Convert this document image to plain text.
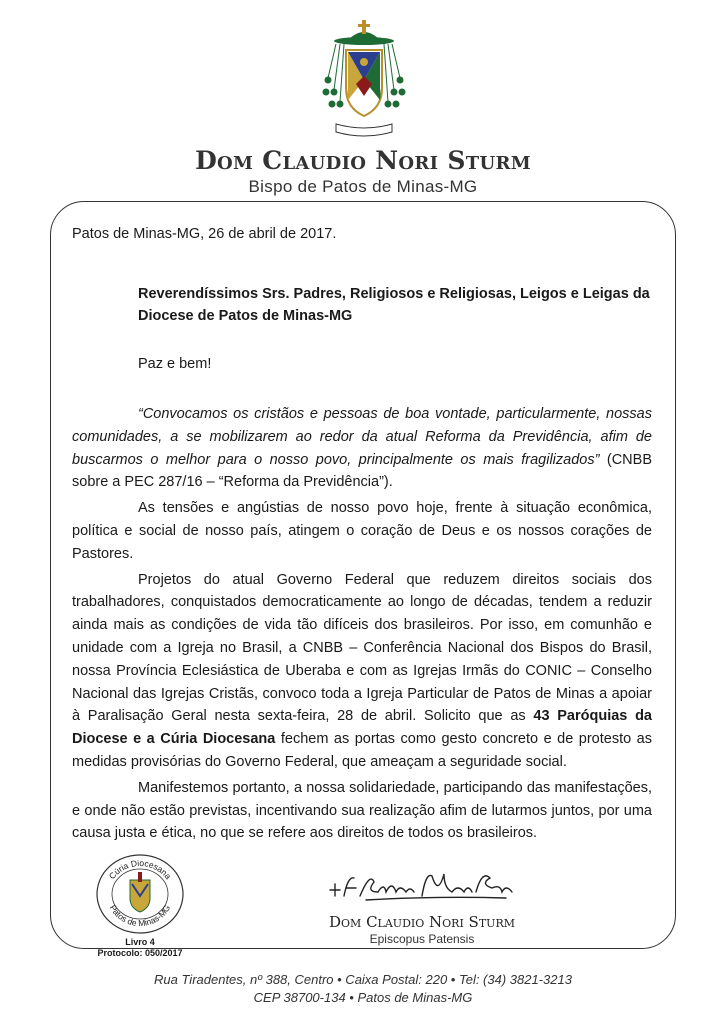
Dom Claudio Nori Sturm
Bispo de Patos de Minas-MG
Patos de Minas-MG, 26 de abril de 2017.
Reverendíssimos Srs. Padres, Religiosos e Religiosas, Leigos e Leigas da Diocese de Patos de Minas-MG
Paz e bem!

“Convocamos os cristãos e pessoas de boa vontade, particularmente, nossas comunidades, a se mobilizarem ao redor da atual Reforma da Previdência, afim de buscarmos o melhor para o nosso povo, principalmente os mais fragilizados” (CNBB sobre a PEC 287/16 – “Reforma da Previdência”).

As tensões e angústias de nosso povo hoje, frente à situação econômica, política e social de nosso país, atingem o coração de Deus e os nossos corações de Pastores.

Projetos do atual Governo Federal que reduzem direitos sociais dos trabalhadores, conquistados democraticamente ao longo de décadas, tendem a reduzir ainda mais as condições de vida tão difíceis dos brasileiros. Por isso, em comunhão e unidade com a Igreja no Brasil, a CNBB – Conferência Nacional dos Bispos do Brasil, nossa Província Eclesiástica de Uberaba e com as Igrejas Irmãs do CONIC – Conselho Nacional das Igrejas Cristãs, convoco toda a Igreja Particular de Patos de Minas a apoiar à Paralisação Geral nesta sexta-feira, 28 de abril. Solicito que as 43 Paróquias da Diocese e a Cúria Diocesana fechem as portas como gesto concreto e de protesto as medidas provisórias do Governo Federal, que ameaçam a seguridade social.

Manifestemos portanto, a nossa solidariedade, participando das manifestações, e onde não estão previstas, incentivando sua realização afim de lutarmos juntos, por uma causa justa e ética, no que se refere aos direitos de todos os brasileiros.

Cúria Diocesana
Patos de Minas-MG
Livro 4
Protocolo: 050/2017
Dom Claudio Nori Sturm
Episcopus Patensis
Rua Tiradentes, nº 388, Centro • Caixa Postal: 220 • Tel: (34) 3821-3213
CEP 38700-134 • Patos de Minas-MG
